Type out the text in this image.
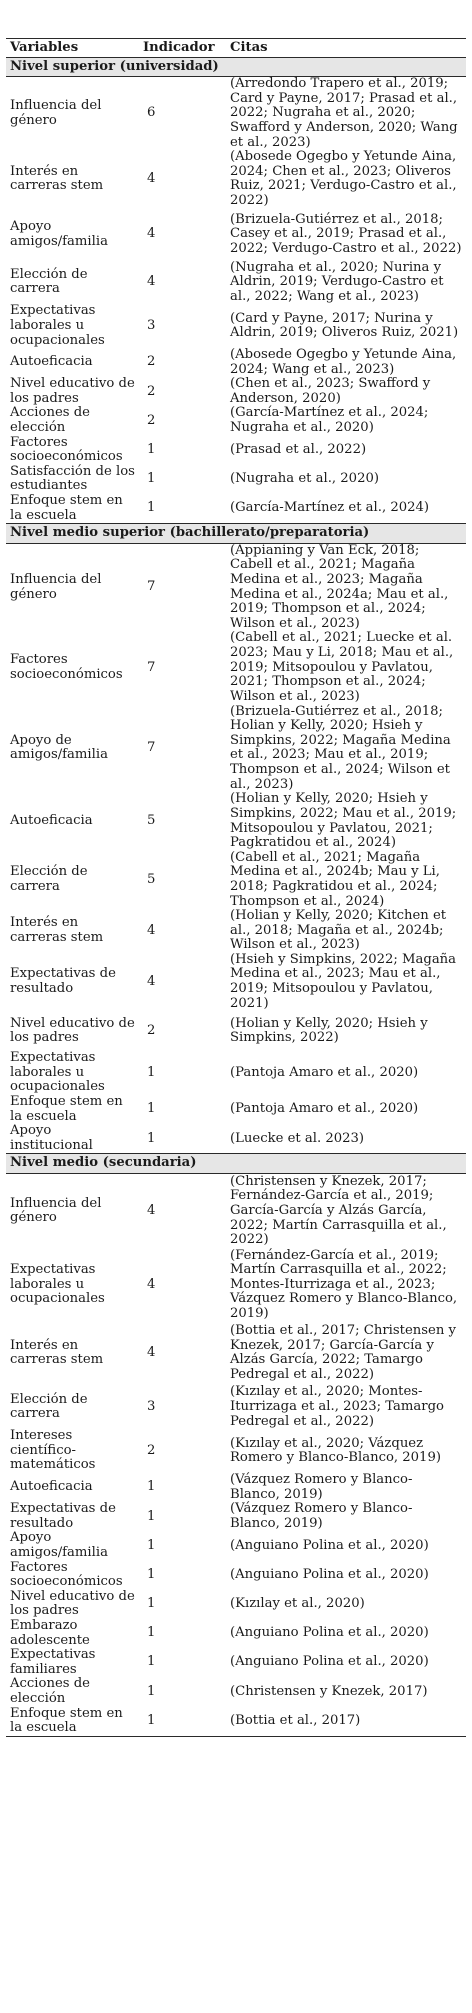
Variables	Indicador	Citas
Nivel superior (universidad)		
Influencia del género	6	(Arredondo Trapero et al., 2019; Card y Payne, 2017; Prasad et al., 2022; Nugraha et al., 2020; Swafford y Anderson, 2020; Wang et al., 2023)
Interés en carreras stem	4	(Abosede Ogegbo y Yetunde Aina, 2024; Chen et al., 2023; Oliveros Ruiz, 2021; Verdugo-Castro et al., 2022)
Apoyo amigos/familia	4	(Brizuela-Gutiérrez et al., 2018; Casey et al., 2019; Prasad et al., 2022; Verdugo-Castro et al., 2022)
Elección de carrera	4	(Nugraha et al., 2020; Nurina y Aldrin, 2019; Verdugo-Castro et al., 2022; Wang et al., 2023)
Expectativas laborales u ocupacionales	3	(Card y Payne, 2017; Nurina y Aldrin, 2019; Oliveros Ruiz, 2021)
Autoeficacia	2	(Abosede Ogegbo y Yetunde Aina, 2024; Wang et al., 2023)
Nivel educativo de los padres	2	(Chen et al., 2023; Swafford y Anderson, 2020)
Acciones de elección	2	(García-Martínez et al., 2024; Nugraha et al., 2020)
Factores socioeconómicos	1	(Prasad et al., 2022)
Satisfacción de los estudiantes	1	(Nugraha et al., 2020)
Enfoque stem en la escuela	1	(García-Martínez et al., 2024)
Nivel medio superior (bachillerato/preparatoria)		
Influencia del género	7	(Appianing y Van Eck, 2018; Cabell et al., 2021; Magaña Medina et al., 2023; Magaña Medina et al., 2024a; Mau et al., 2019; Thompson et al., 2024; Wilson et al., 2023)
Factores socioeconómicos	7	(Cabell et al., 2021; Luecke et al. 2023; Mau y Li, 2018; Mau et al., 2019; Mitsopoulou y Pavlatou, 2021; Thompson et al., 2024; Wilson et al., 2023)
Apoyo de amigos/familia	7	(Brizuela-Gutiérrez et al., 2018; Holian y Kelly, 2020; Hsieh y Simpkins, 2022; Magaña Medina et al., 2023; Mau et al., 2019; Thompson et al., 2024; Wilson et al., 2023)
Autoeficacia	5	(Holian y Kelly, 2020; Hsieh y Simpkins, 2022; Mau et al., 2019; Mitsopoulou y Pavlatou, 2021; Pagkratidou et al., 2024)
Elección de carrera	5	(Cabell et al., 2021; Magaña Medina et al., 2024b; Mau y Li, 2018; Pagkratidou et al., 2024; Thompson et al., 2024)
Interés en carreras stem	4	(Holian y Kelly, 2020; Kitchen et al., 2018; Magaña et al., 2024b; Wilson et al., 2023)
Expectativas de resultado	4	(Hsieh y Simpkins, 2022; Magaña Medina et al., 2023; Mau et al., 2019; Mitsopoulou y Pavlatou, 2021)
Nivel educativo de los padres	2	(Holian y Kelly, 2020; Hsieh y Simpkins, 2022)
Expectativas laborales u ocupacionales	1	(Pantoja Amaro et al., 2020)
Enfoque stem en la escuela	1	(Pantoja Amaro et al., 2020)
Apoyo institucional	1	(Luecke et al. 2023)
Nivel medio (secundaria)		
Influencia del género	4	(Christensen y Knezek, 2017; Fernández-García et al., 2019; García-García y Alzás García, 2022; Martín Carrasquilla et al., 2022)
Expectativas laborales u ocupacionales	4	(Fernández-García et al., 2019; Martín Carrasquilla et al., 2022; Montes-Iturrizaga et al., 2023; Vázquez Romero y Blanco-Blanco, 2019)
Interés en carreras stem	4	(Bottia et al., 2017; Christensen y Knezek, 2017; García-García y Alzás García, 2022; Tamargo Pedregal et al., 2022)
Elección de carrera	3	(Kızılay et al., 2020; Montes-Iturrizaga et al., 2023; Tamargo Pedregal et al., 2022)
Intereses científico-matemáticos	2	(Kızılay et al., 2020; Vázquez Romero y Blanco-Blanco, 2019)
Autoeficacia	1	(Vázquez Romero y Blanco-Blanco, 2019)
Expectativas de resultado	1	(Vázquez Romero y Blanco-Blanco, 2019)
Apoyo amigos/familia	1	(Anguiano Polina et al., 2020)
Factores socioeconómicos	1	(Anguiano Polina et al., 2020)
Nivel educativo de los padres	1	(Kızılay et al., 2020)
Embarazo adolescente	1	(Anguiano Polina et al., 2020)
Expectativas familiares	1	(Anguiano Polina et al., 2020)
Acciones de elección	1	(Christensen y Knezek, 2017)
Enfoque stem en la escuela	1	(Bottia et al., 2017)
